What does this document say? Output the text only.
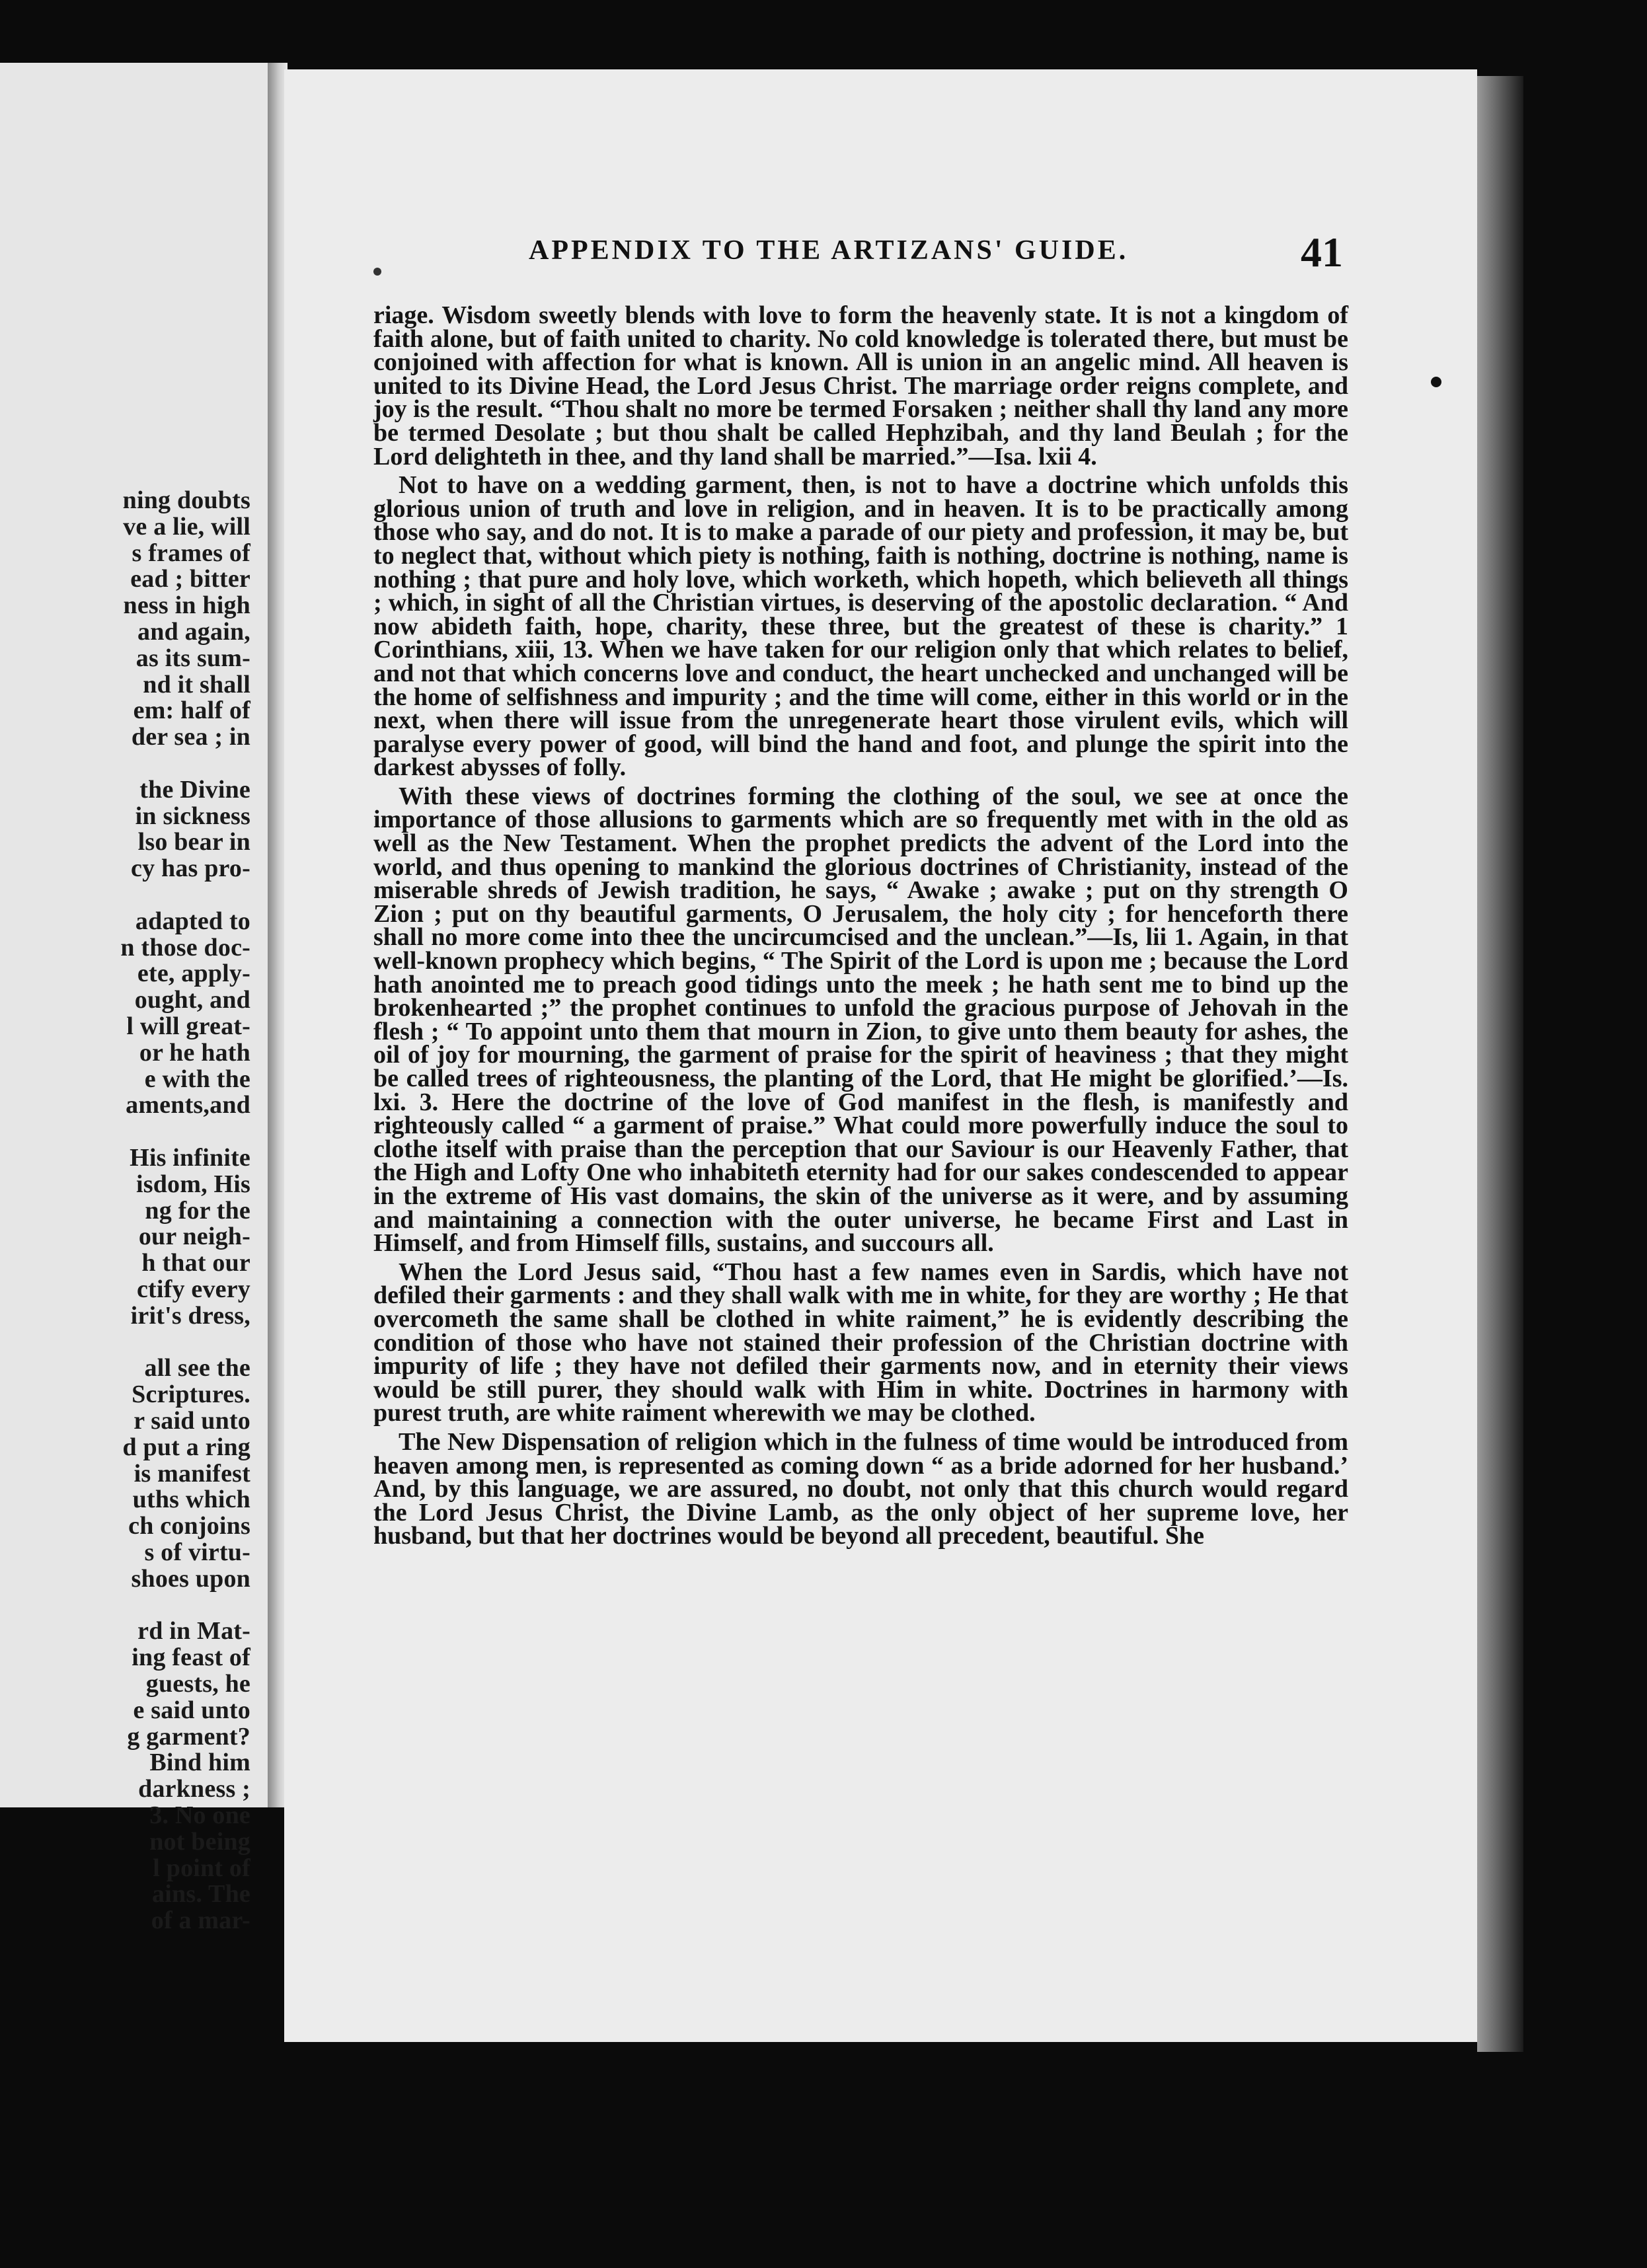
ning doubts
ve a lie, will
s frames of
ead ; bitter
ness in high
and again,
as its sum-
nd it shall
em: half of
der sea ; in
the Divine
in sickness
lso bear in
cy has pro-
adapted to
n those doc-
ete, apply-
ought, and
l will great-
or he hath
e with the
aments,and
His infinite
isdom, His
ng for the
our neigh-
h that our
ctify every
irit's dress,
all see the
Scriptures.
r said unto
d put a ring
is manifest
uths which
ch conjoins
s of virtu-
shoes upon
rd in Mat-
ing feast of
guests, he
e said unto
g garment?
Bind him
darkness ;
3. No one
not being
l point of
ains. The
of a mar-
APPENDIX TO THE ARTIZANS' GUIDE.	41

riage. Wisdom sweetly blends with love to form the heavenly state. It is not a kingdom of faith alone, but of faith united to charity. No cold knowledge is tolerated there, but must be conjoined with affection for what is known. All is union in an angelic mind. All heaven is united to its Divine Head, the Lord Jesus Christ. The marriage order reigns complete, and joy is the result. “Thou shalt no more be termed Forsaken ; neither shall thy land any more be termed Desolate ; but thou shalt be called Hephzibah, and thy land Beulah ; for the Lord delighteth in thee, and thy land shall be married.”—Isa. lxii 4.

Not to have on a wedding garment, then, is not to have a doctrine which unfolds this glorious union of truth and love in religion, and in heaven. It is to be practically among those who say, and do not. It is to make a parade of our piety and profession, it may be, but to neglect that, without which piety is nothing, faith is nothing, doctrine is nothing, name is nothing ; that pure and holy love, which worketh, which hopeth, which believeth all things ; which, in sight of all the Christian virtues, is deserving of the apostolic declaration. “ And now abideth faith, hope, charity, these three, but the greatest of these is charity.” 1 Corinthians, xiii, 13. When we have taken for our religion only that which relates to belief, and not that which concerns love and conduct, the heart unchecked and unchanged will be the home of selfishness and impurity ; and the time will come, either in this world or in the next, when there will issue from the unregenerate heart those virulent evils, which will paralyse every power of good, will bind the hand and foot, and plunge the spirit into the darkest abysses of folly.

With these views of doctrines forming the clothing of the soul, we see at once the importance of those allusions to garments which are so frequently met with in the old as well as the New Testament. When the prophet predicts the advent of the Lord into the world, and thus opening to mankind the glorious doctrines of Christianity, instead of the miserable shreds of Jewish tradition, he says, “ Awake ; awake ; put on thy strength O Zion ; put on thy beautiful garments, O Jerusalem, the holy city ; for henceforth there shall no more come into thee the uncircumcised and the unclean.”—Is, lii 1. Again, in that well-known prophecy which begins, “ The Spirit of the Lord is upon me ; because the Lord hath anointed me to preach good tidings unto the meek ; he hath sent me to bind up the brokenhearted ;” the prophet continues to unfold the gracious purpose of Jehovah in the flesh ; “ To appoint unto them that mourn in Zion, to give unto them beauty for ashes, the oil of joy for mourning, the garment of praise for the spirit of heaviness ; that they might be called trees of righteousness, the planting of the Lord, that He might be glorified.’—Is. lxi. 3. Here the doctrine of the love of God manifest in the flesh, is manifestly and righteously called “ a garment of praise.” What could more powerfully induce the soul to clothe itself with praise than the perception that our Saviour is our Heavenly Father, that the High and Lofty One who inhabiteth eternity had for our sakes condescended to appear in the extreme of His vast domains, the skin of the universe as it were, and by assuming and maintaining a connection with the outer universe, he became First and Last in Himself, and from Himself fills, sustains, and succours all.

When the Lord Jesus said, “Thou hast a few names even in Sardis, which have not defiled their garments : and they shall walk with me in white, for they are worthy ; He that overcometh the same shall be clothed in white raiment,” he is evidently describing the condition of those who have not stained their profession of the Christian doctrine with impurity of life ; they have not defiled their garments now, and in eternity their views would be still purer, they should walk with Him in white. Doctrines in harmony with purest truth, are white raiment wherewith we may be clothed.

The New Dispensation of religion which in the fulness of time would be introduced from heaven among men, is represented as coming down “ as a bride adorned for her husband.’ And, by this language, we are assured, no doubt, not only that this church would regard the Lord Jesus Christ, the Divine Lamb, as the only object of her supreme love, her husband, but that her doctrines would be beyond all precedent, beautiful. She
